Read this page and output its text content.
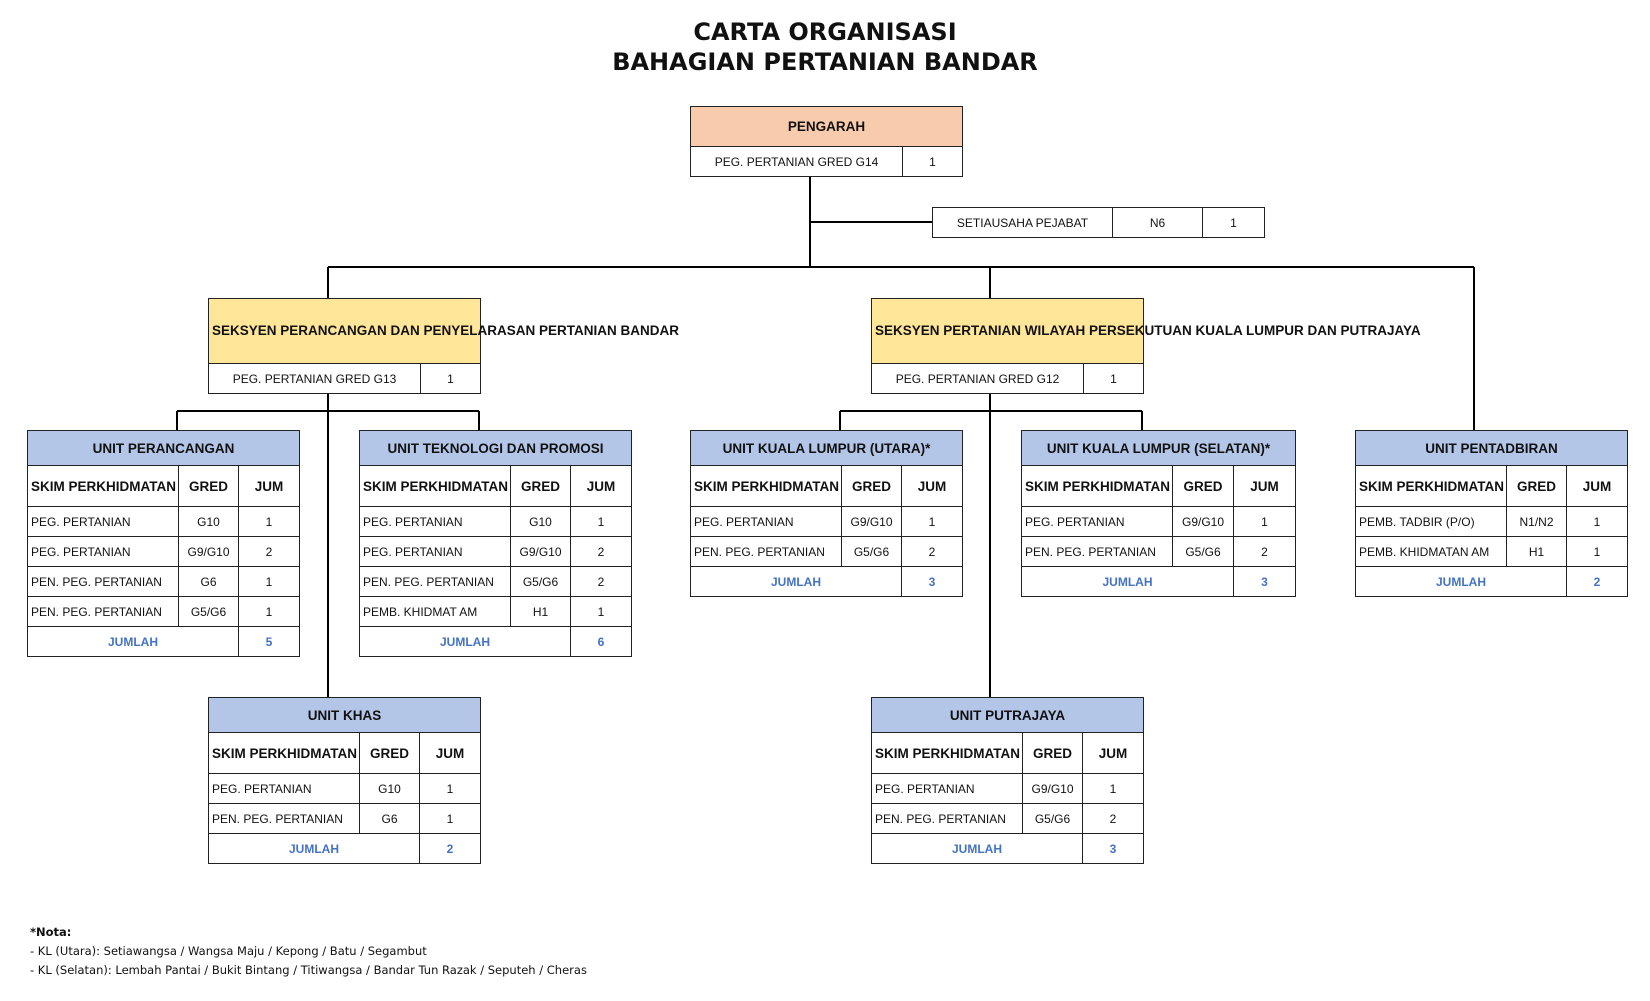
CARTA ORGANISASI
BAHAGIAN PERTANIAN BANDAR
PENGARAH
PEG. PERTANIAN GRED G14	1
SETIAUSAHA PEJABAT	N6	1
SEKSYEN PERANCANGAN DAN PENYELARASAN PERTANIAN BANDAR
PEG. PERTANIAN GRED G13	1
SEKSYEN PERTANIAN WILAYAH PERSEKUTUAN KUALA LUMPUR DAN PUTRAJAYA
PEG. PERTANIAN GRED G12	1
UNIT PERANCANGAN		
SKIM PERKHIDMATAN	GRED	JUM
PEG. PERTANIAN	G10	1
PEG. PERTANIAN	G9/G10	2
PEN. PEG. PERTANIAN	G6	1
PEN. PEG. PERTANIAN	G5/G6	1
JUMLAH		5
UNIT TEKNOLOGI DAN PROMOSI		
SKIM PERKHIDMATAN	GRED	JUM
PEG. PERTANIAN	G10	1
PEG. PERTANIAN	G9/G10	2
PEN. PEG. PERTANIAN	G5/G6	2
PEMB. KHIDMAT AM	H1	1
JUMLAH		6
UNIT KUALA LUMPUR (UTARA)*		
SKIM PERKHIDMATAN	GRED	JUM
PEG. PERTANIAN	G9/G10	1
PEN. PEG. PERTANIAN	G5/G6	2
JUMLAH		3
UNIT KUALA LUMPUR (SELATAN)*		
SKIM PERKHIDMATAN	GRED	JUM
PEG. PERTANIAN	G9/G10	1
PEN. PEG. PERTANIAN	G5/G6	2
JUMLAH		3
UNIT PENTADBIRAN		
SKIM PERKHIDMATAN	GRED	JUM
PEMB. TADBIR (P/O)	N1/N2	1
PEMB. KHIDMATAN AM	H1	1
JUMLAH		2
UNIT KHAS		
SKIM PERKHIDMATAN	GRED	JUM
PEG. PERTANIAN	G10	1
PEN. PEG. PERTANIAN	G6	1
JUMLAH		2
UNIT PUTRAJAYA		
SKIM PERKHIDMATAN	GRED	JUM
PEG. PERTANIAN	G9/G10	1
PEN. PEG. PERTANIAN	G5/G6	2
JUMLAH		3
*Nota:
- KL (Utara): Setiawangsa / Wangsa Maju / Kepong / Batu / Segambut
- KL (Selatan): Lembah Pantai / Bukit Bintang / Titiwangsa / Bandar Tun Razak / Seputeh / Cheras
